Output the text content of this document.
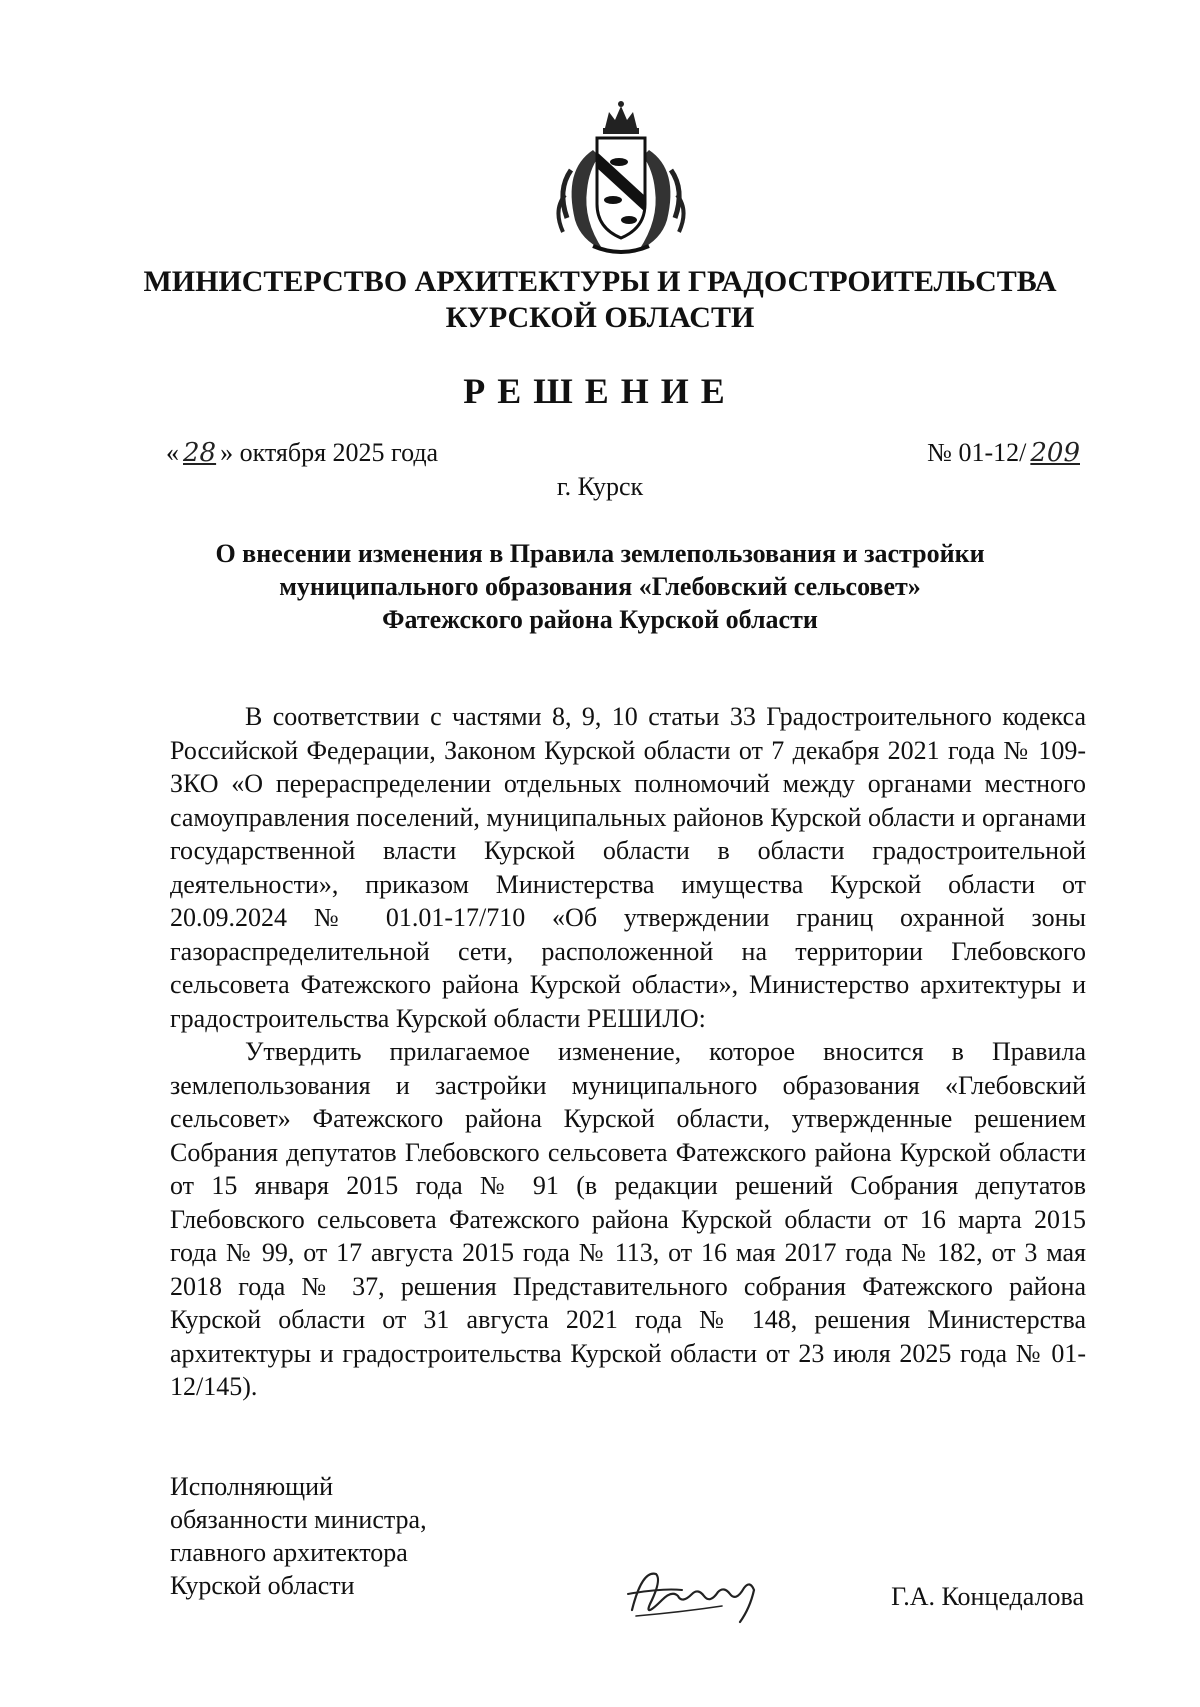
МИНИСТЕРСТВО АРХИТЕКТУРЫ И ГРАДОСТРОИТЕЛЬСТВА
КУРСКОЙ ОБЛАСТИ
РЕШЕНИЕ
« 28 » октября 2025 года	№ 01-12/ 209
г. Курск
О внесении изменения в Правила землепользования и застройки
муниципального образования «Глебовский сельсовет»
Фатежского района Курской области

В соответствии с частями 8, 9, 10 статьи 33 Градостроительного кодекса Российской Федерации, Законом Курской области от 7 декабря 2021 года № 109-ЗКО «О перераспределении отдельных полномочий между органами местного самоуправления поселений, муниципальных районов Курской области и органами государственной власти Курской области в области градостроительной деятельности», приказом Министерства имущества Курской области от 20.09.2024 № 01.01-17/710 «Об утверждении границ охранной зоны газораспределительной сети, расположенной на территории Глебовского сельсовета Фатежского района Курской области», Министерство архитектуры и градостроительства Курской области РЕШИЛО:

Утвердить прилагаемое изменение, которое вносится в Правила землепользования и застройки муниципального образования «Глебовский сельсовет» Фатежского района Курской области, утвержденные решением Собрания депутатов Глебовского сельсовета Фатежского района Курской области от 15 января 2015 года № 91 (в редакции решений Собрания депутатов Глебовского сельсовета Фатежского района Курской области от 16 марта 2015 года № 99, от 17 августа 2015 года № 113, от 16 мая 2017 года № 182, от 3 мая 2018 года № 37, решения Представительного собрания Фатежского района Курской области от 31 августа 2021 года № 148, решения Министерства архитектуры и градостроительства Курской области от 23 июля 2025 года № 01-12/145).

Исполняющий
обязанности министра,
главного архитектора
Курской области	Г.А. Концедалова
